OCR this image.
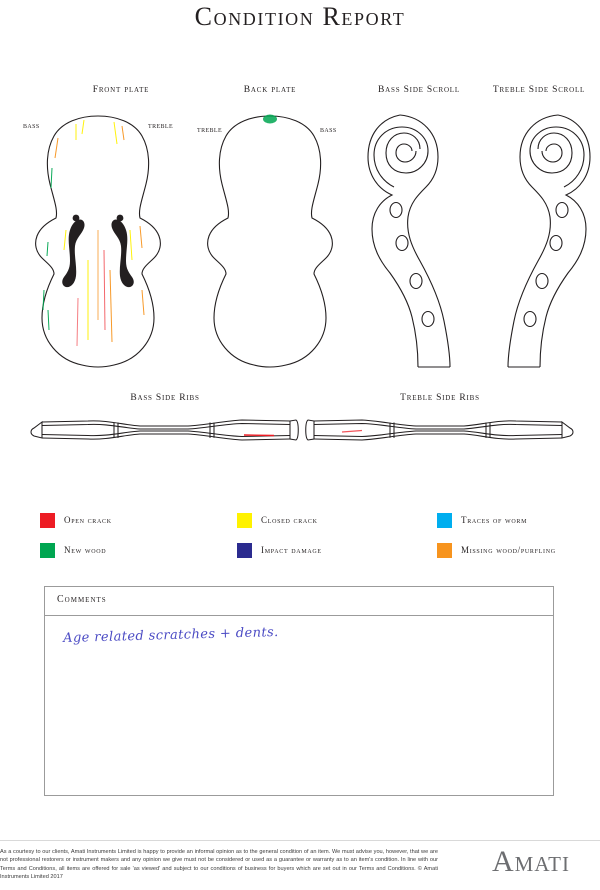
Condition Report
Front plate	Back plate	Bass Side Scroll	Treble Side Scroll
BASS	TREBLE
TREBLE	BASS
Bass Side Ribs	Treble Side Ribs
Open crack	Closed crack	Traces of worm
New wood	Impact damage	Missing wood/purfling
Comments
Age related scratches + dents.
As a courtesy to our clients, Amati Instruments Limited is happy to provide an informal opinion as to the general condition of an item. We must advise you, however, that we are not professional restorers or instrument makers and any opinion we give must not be considered or used as a guarantee or warranty as to an item's condition. In line with our Terms and Conditions, all items are offered for sale 'as viewed' and subject to our conditions of business for buyers which are set out in our Terms and Conditions. © Amati Instruments Limited 2017	Amati
